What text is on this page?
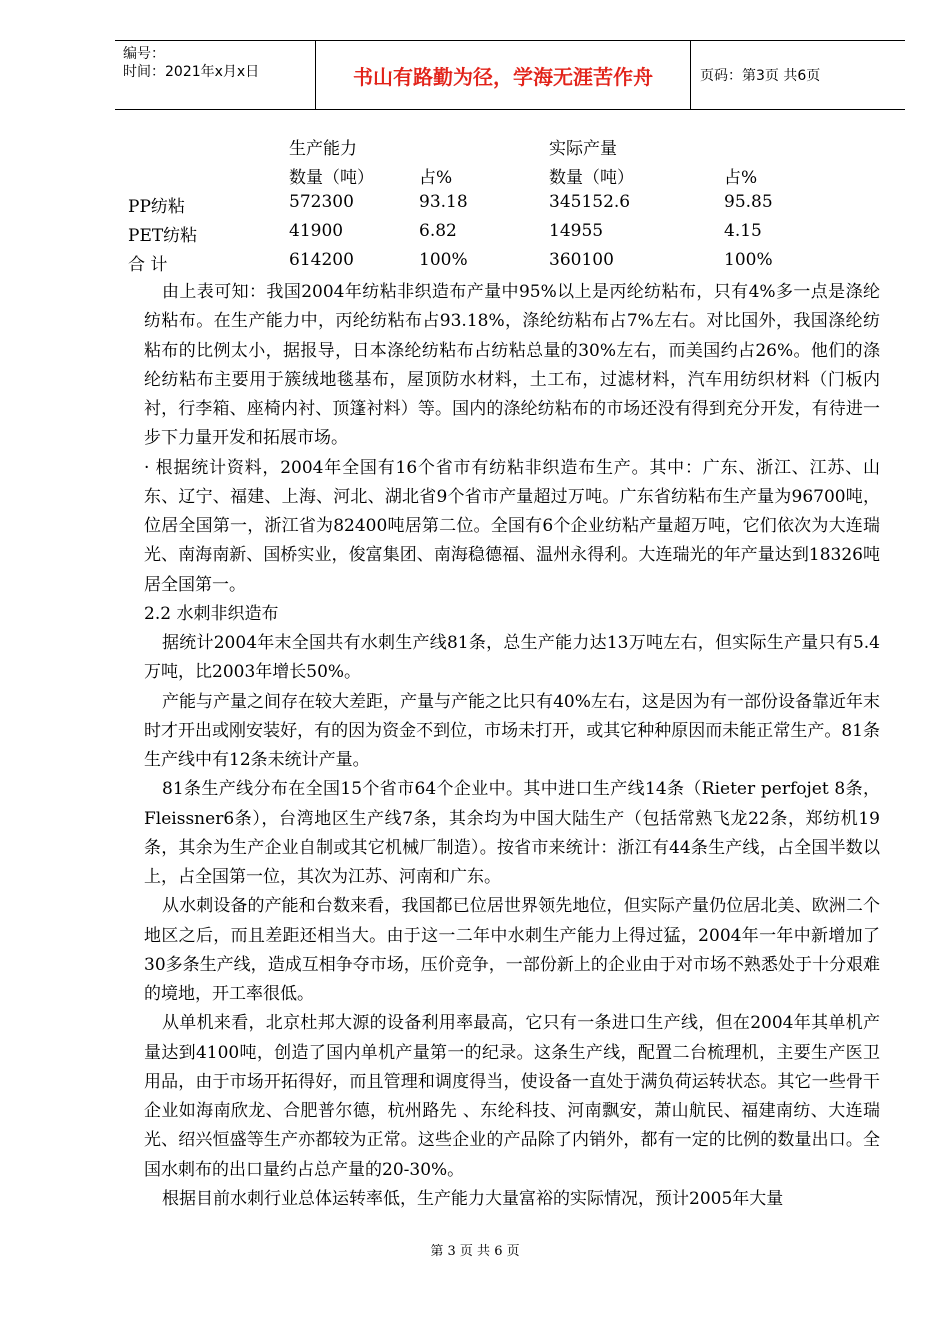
编号：
时间：2021年x月x日	书山有路勤为径，学海无涯苦作舟	页码：第3页 共6页
生产能力	实际产量
数量（吨）	占%	数量（吨）	占%
PP纺粘	572300	93.18	345152.6	95.85
PET纺粘	41900	6.82	14955	4.15
合 计	614200	100%	360100	100%

由上表可知：我国2004年纺粘非织造布产量中95%以上是丙纶纺粘布，只有4%多一点是涤纶纺粘布。在生产能力中，丙纶纺粘布占93.18%，涤纶纺粘布占7%左右。对比国外，我国涤纶纺粘布的比例太小，据报导，日本涤纶纺粘布占纺粘总量的30%左右，而美国约占26%。他们的涤纶纺粘布主要用于簇绒地毯基布，屋顶防水材料，土工布，过滤材料，汽车用纺织材料（门板内衬，行李箱、座椅内衬、顶篷衬料）等。国内的涤纶纺粘布的市场还没有得到充分开发，有待进一步下力量开发和拓展市场。

· 根据统计资料，2004年全国有16个省市有纺粘非织造布生产。其中：广东、浙江、江苏、山东、辽宁、福建、上海、河北、湖北省9个省市产量超过万吨。广东省纺粘布生产量为96700吨，位居全国第一，浙江省为82400吨居第二位。全国有6个企业纺粘产量超万吨，它们依次为大连瑞光、南海南新、国桥实业，俊富集团、南海稳德福、温州永得利。大连瑞光的年产量达到18326吨居全国第一。

2.2 水刺非织造布

据统计2004年末全国共有水刺生产线81条，总生产能力达13万吨左右，但实际生产量只有5.4万吨，比2003年增长50%。

产能与产量之间存在较大差距，产量与产能之比只有40%左右，这是因为有一部份设备靠近年末时才开出或刚安装好，有的因为资金不到位，市场未打开，或其它种种原因而未能正常生产。81条生产线中有12条未统计产量。

81条生产线分布在全国15个省市64个企业中。其中进口生产线14条（Rieter perfojet 8条，Fleissner6条），台湾地区生产线7条，其余均为中国大陆生产（包括常熟飞龙22条，郑纺机19条，其余为生产企业自制或其它机械厂制造）。按省市来统计：浙江有44条生产线，占全国半数以上，占全国第一位，其次为江苏、河南和广东。

从水刺设备的产能和台数来看，我国都已位居世界领先地位，但实际产量仍位居北美、欧洲二个地区之后，而且差距还相当大。由于这一二年中水刺生产能力上得过猛，2004年一年中新增加了30多条生产线，造成互相争夺市场，压价竞争，一部份新上的企业由于对市场不熟悉处于十分艰难的境地，开工率很低。

从单机来看，北京杜邦大源的设备利用率最高，它只有一条进口生产线，但在2004年其单机产量达到4100吨，创造了国内单机产量第一的纪录。这条生产线，配置二台梳理机，主要生产医卫用品，由于市场开拓得好，而且管理和调度得当，使设备一直处于满负荷运转状态。其它一些骨干企业如海南欣龙、合肥普尔德，杭州路先 、东纶科技、河南飘安，萧山航民、福建南纺、大连瑞光、绍兴恒盛等生产亦都较为正常。这些企业的产品除了内销外，都有一定的比例的数量出口。全国水刺布的出口量约占总产量的20-30%。

根据目前水刺行业总体运转率低，生产能力大量富裕的实际情况，预计2005年大量

第 3 页 共 6 页
